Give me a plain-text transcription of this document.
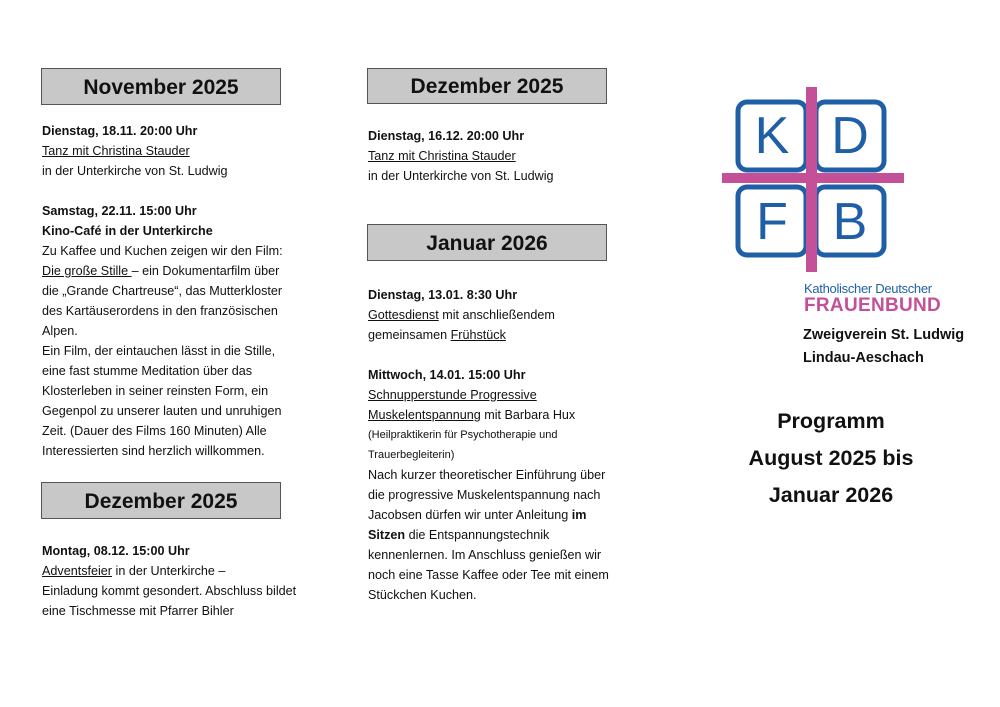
November 2025
Dienstag, 18.11. 20:00 Uhr
Tanz mit Christina Stauder
in der Unterkirche von St. Ludwig
Samstag, 22.11. 15:00 Uhr
Kino-Café in der Unterkirche
Zu Kaffee und Kuchen zeigen wir den Film:
Die große Stille – ein Dokumentarfilm über
die „Grande Chartreuse“, das Mutterkloster
des Kartäuserordens in den französischen
Alpen.
Ein Film, der eintauchen lässt in die Stille,
eine fast stumme Meditation über das
Klosterleben in seiner reinsten Form, ein
Gegenpol zu unserer lauten und unruhigen
Zeit. (Dauer des Films 160 Minuten) Alle
Interessierten sind herzlich willkommen.
Dezember 2025
Montag, 08.12. 15:00 Uhr
Adventsfeier in der Unterkirche –
Einladung kommt gesondert. Abschluss bildet
eine Tischmesse mit Pfarrer Bihler
Dezember 2025
Dienstag, 16.12. 20:00 Uhr
Tanz mit Christina Stauder
in der Unterkirche von St. Ludwig
Januar 2026
Dienstag, 13.01. 8:30 Uhr
Gottesdienst mit anschließendem
gemeinsamen Frühstück
Mittwoch, 14.01. 15:00 Uhr
Schnupperstunde Progressive
Muskelentspannung mit Barbara Hux
(Heilpraktikerin für Psychotherapie und
Trauerbegleiterin)
Nach kurzer theoretischer Einführung über
die progressive Muskelentspannung nach
Jacobsen dürfen wir unter Anleitung im
Sitzen die Entspannungstechnik
kennenlernen. Im Anschluss genießen wir
noch eine Tasse Kaffee oder Tee mit einem
Stückchen Kuchen.
K D
F B
Katholischer Deutscher
FRAUENBUND
Zweigverein St. Ludwig
Lindau-Aeschach
Programm
August 2025 bis
Januar 2026
